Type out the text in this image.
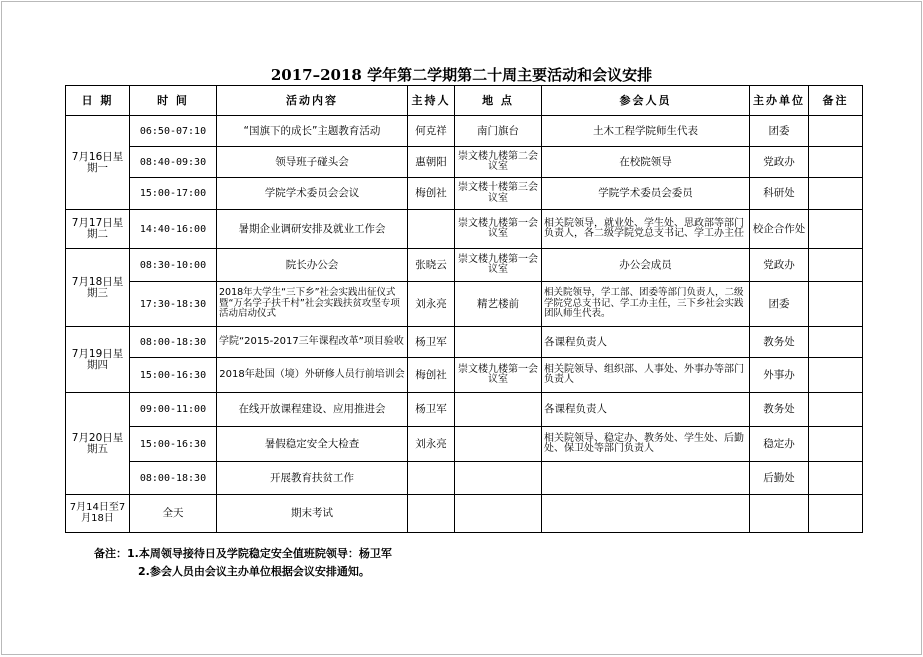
2017–2018 学年第二学期第二十周主要活动和会议安排
日 期	时 间	活动内容	主持人	地 点	参会人员	主办单位	备注
7月16日星期一	06:50-07:10	“国旗下的成长”主题教育活动	何克祥	南门旗台	土木工程学院师生代表	团委	
	08:40-09:30	领导班子碰头会	惠朝阳	崇文楼九楼第二会议室	在校院领导	党政办	
	15:00-17:00	学院学术委员会会议	梅创社	崇文楼十楼第三会议室	学院学术委员会委员	科研处	
7月17日星期二	14:40-16:00	暑期企业调研安排及就业工作会		崇文楼九楼第一会议室	相关院领导，就业处、学生处、思政部等部门负责人，各二级学院党总支书记、学工办主任	校企合作处	
7月18日星期三	08:30-10:00	院长办公会	张晓云	崇文楼九楼第一会议室	办公会成员	党政办	
	17:30-18:30	2018年大学生“三下乡”社会实践出征仪式暨“万名学子扶千村”社会实践扶贫攻坚专项活动启动仪式	刘永亮	精艺楼前	相关院领导，学工部、团委等部门负责人，二级学院党总支书记、学工办主任，三下乡社会实践团队师生代表。	团委	
7月19日星期四	08:00-18:30	学院“2015-2017三年课程改革”项目验收	杨卫军		各课程负责人	教务处	
	15:00-16:30	2018年赴国（境）外研修人员行前培训会	梅创社	崇文楼九楼第一会议室	相关院领导、组织部、人事处、外事办等部门负责人	外事办	
7月20日星期五	09:00-11:00	在线开放课程建设、应用推进会	杨卫军		各课程负责人	教务处	
	15:00-16:30	暑假稳定安全大检查	刘永亮		相关院领导、稳定办、教务处、学生处、后勤处、保卫处等部门负责人	稳定办	
	08:00-18:30	开展教育扶贫工作				后勤处	
7月14日至7月18日	全天	期末考试					
备注：1.本周领导接待日及学院稳定安全值班院领导：杨卫军
2.参会人员由会议主办单位根据会议安排通知。
